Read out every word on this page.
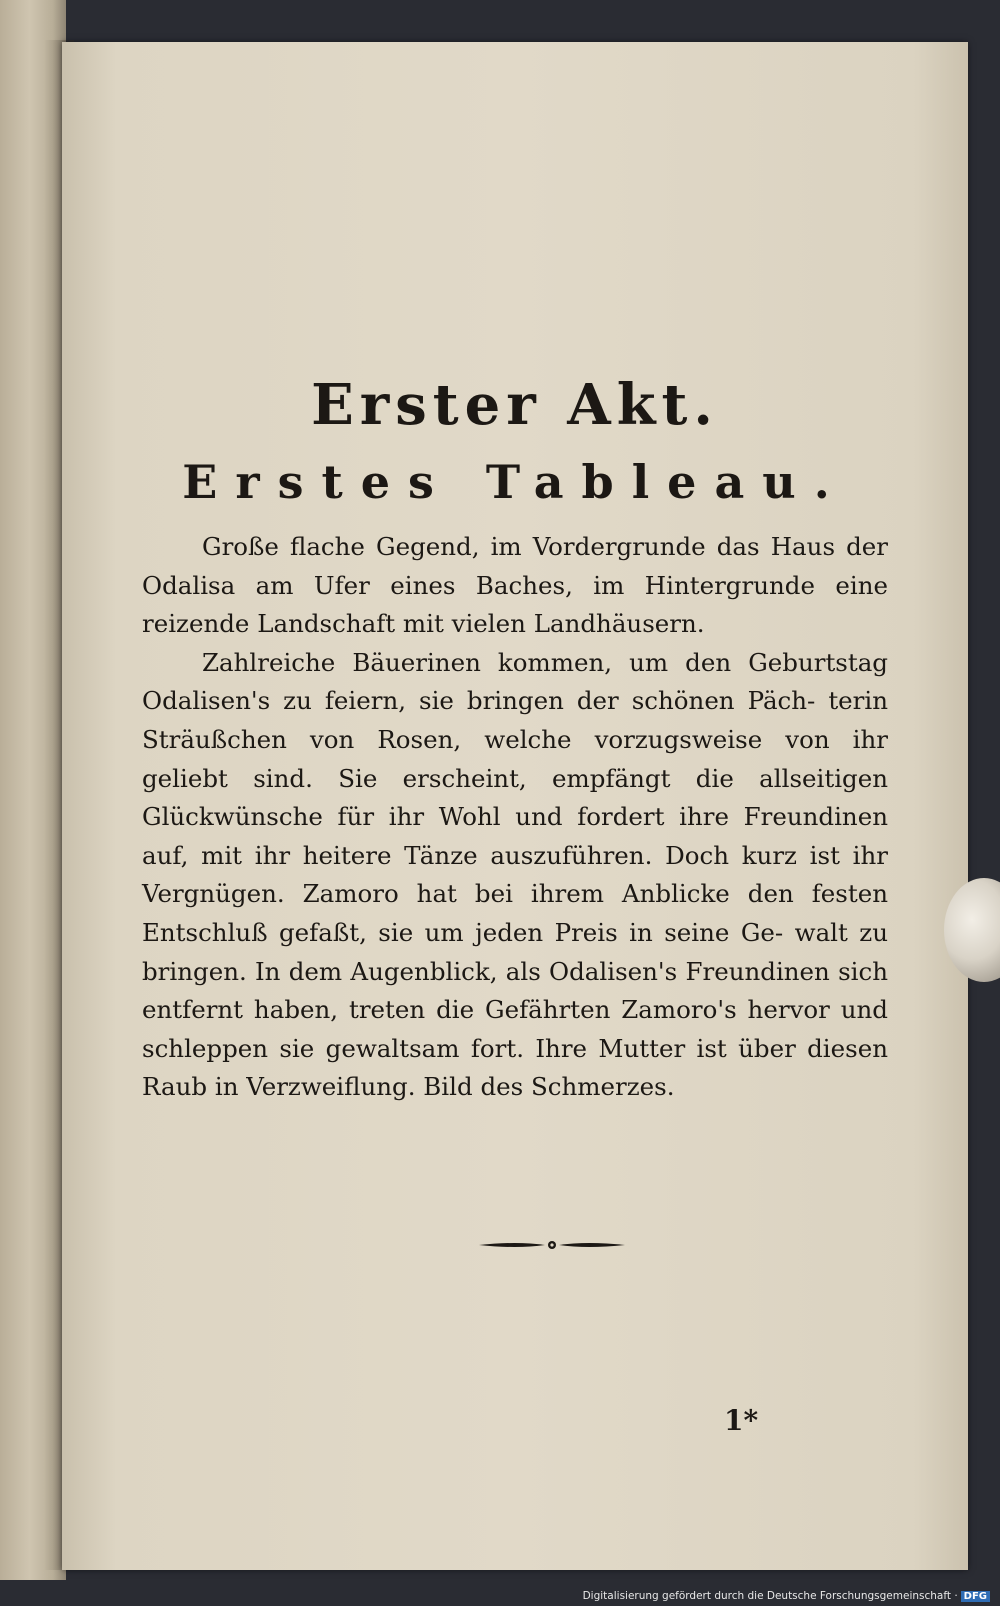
Erster Akt.
Erstes Tableau.

Große flache Gegend, im Vordergrunde das Haus der Odalisa am Ufer eines Baches, im Hintergrunde eine reizende Landschaft mit vielen Landhäusern.

Zahlreiche Bäuerinen kommen, um den Geburtstag Odalisen's zu feiern, sie bringen der schönen Päch- terin Sträußchen von Rosen, welche vorzugsweise von ihr geliebt sind. Sie erscheint, empfängt die allseitigen Glückwünsche für ihr Wohl und fordert ihre Freundinen auf, mit ihr heitere Tänze auszuführen. Doch kurz ist ihr Vergnügen. Zamoro hat bei ihrem Anblicke den festen Entschluß gefaßt, sie um jeden Preis in seine Ge- walt zu bringen. In dem Augenblick, als Odalisen's Freundinen sich entfernt haben, treten die Gefährten Zamoro's hervor und schleppen sie gewaltsam fort. Ihre Mutter ist über diesen Raub in Verzweiflung. Bild des Schmerzes.

1*
Digitalisierung gefördert durch die Deutsche Forschungsgemeinschaft · DFG
